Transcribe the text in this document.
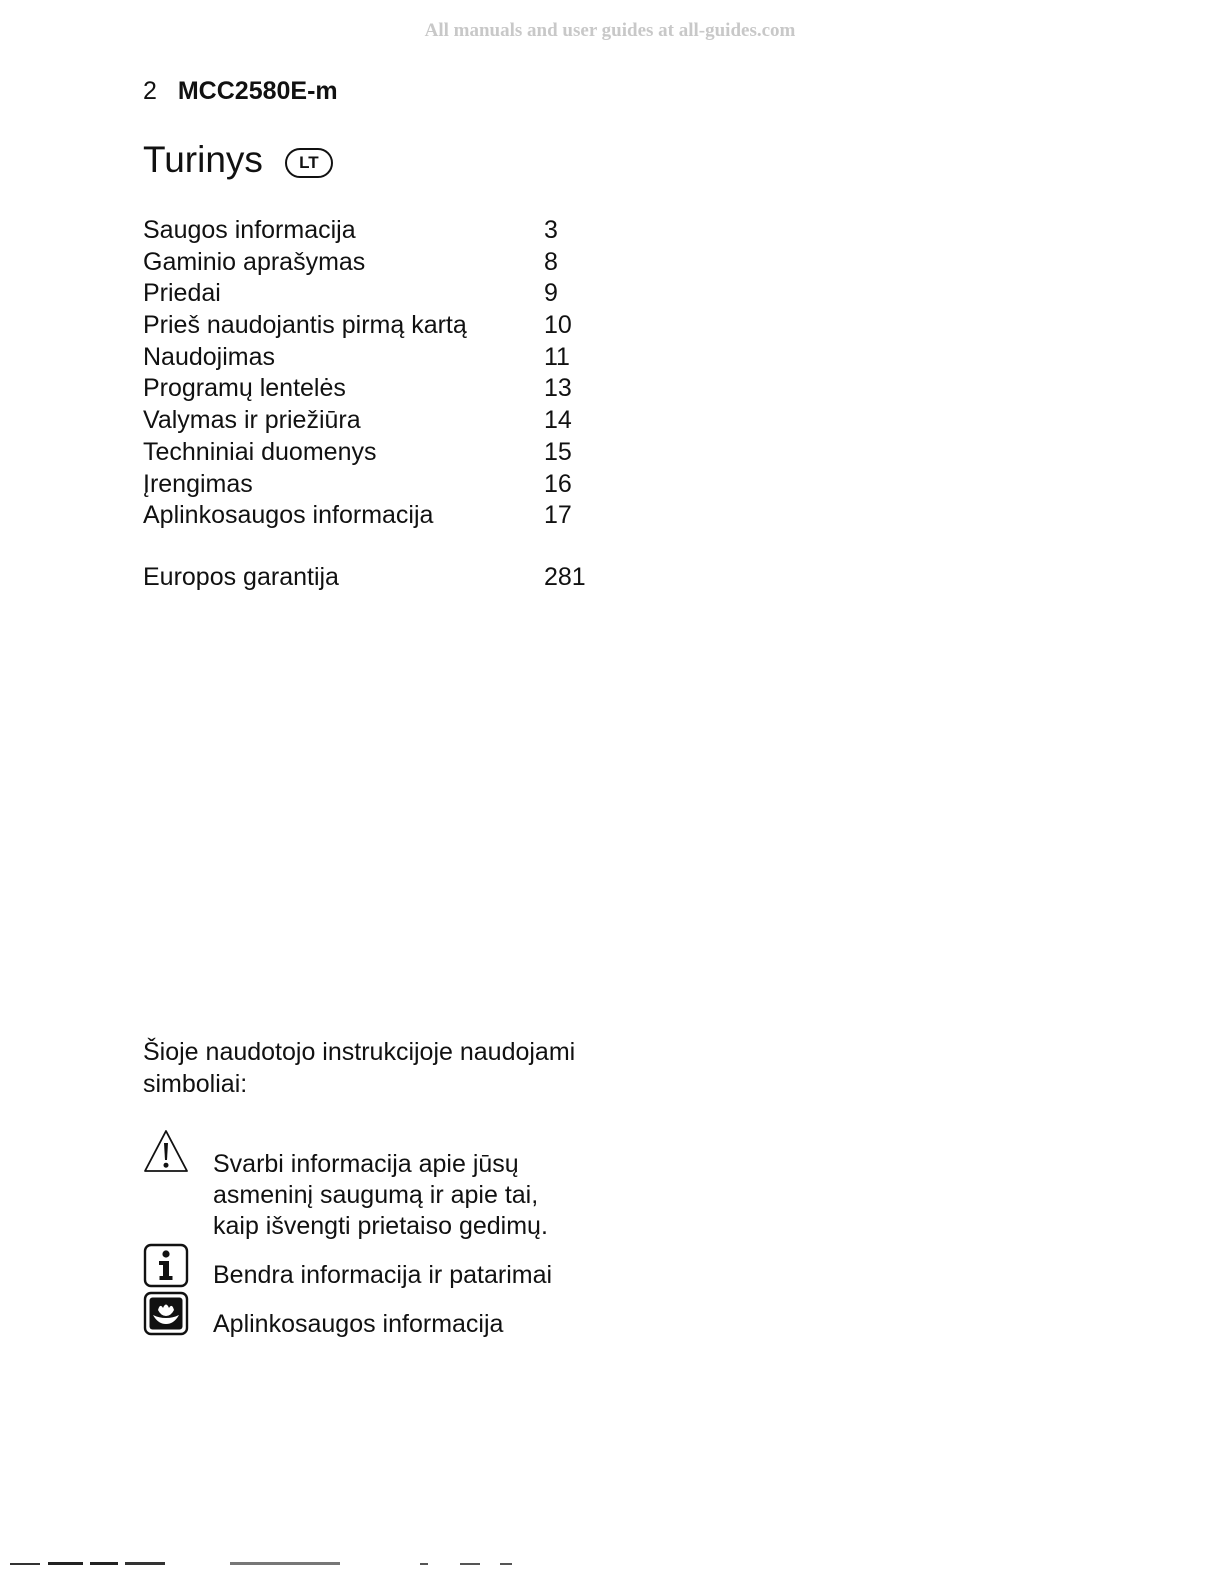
All manuals and user guides at all-guides.com
2 MCC2580E-m
Turinys	LT
Saugos informacija	3
Gaminio aprašymas	8
Priedai	9
Prieš naudojantis pirmą kartą	10
Naudojimas	11
Programų lentelės	13
Valymas ir priežiūra	14
Techniniai duomenys	15
Įrengimas	16
Aplinkosaugos informacija	17
Europos garantija	281
Šioje naudotojo instrukcijoje naudojami
simboliai:
Svarbi informacija apie jūsų
asmeninį saugumą ir apie tai,
kaip išvengti prietaiso gedimų.
Bendra informacija ir patarimai
Aplinkosaugos informacija
